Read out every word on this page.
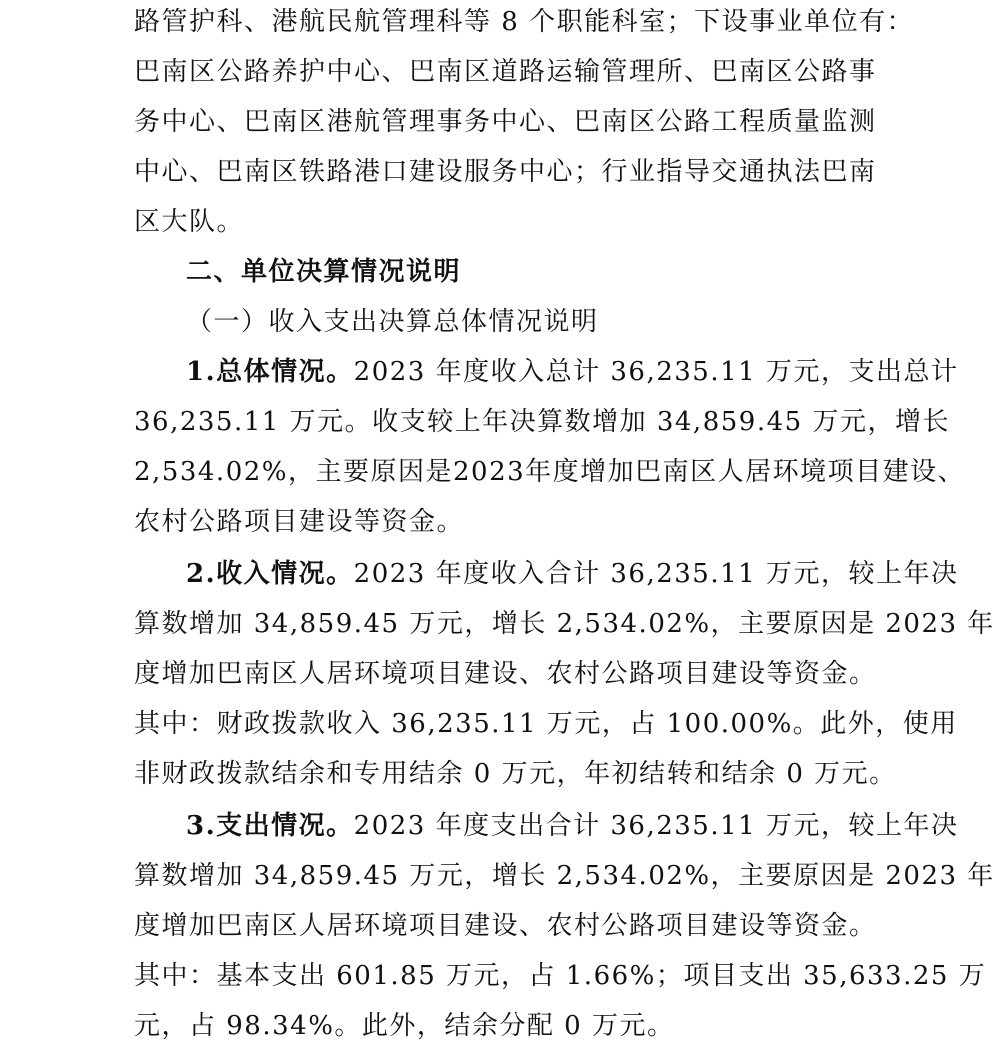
路管护科、港航民航管理科等 8 个职能科室；下设事业单位有：
巴南区公路养护中心、巴南区道路运输管理所、巴南区公路事
务中心、巴南区港航管理事务中心、巴南区公路工程质量监测
中心、巴南区铁路港口建设服务中心；行业指导交通执法巴南
区大队。
二、单位决算情况说明
（一）收入支出决算总体情况说明
1.总体情况。2023 年度收入总计 36,235.11 万元，支出总计
36,235.11 万元。收支较上年决算数增加 34,859.45 万元，增长
2,534.02%，主要原因是2023年度增加巴南区人居环境项目建设、
农村公路项目建设等资金。
2.收入情况。2023 年度收入合计 36,235.11 万元，较上年决
算数增加 34,859.45 万元，增长 2,534.02%，主要原因是 2023 年
度增加巴南区人居环境项目建设、农村公路项目建设等资金。
其中：财政拨款收入 36,235.11 万元，占 100.00%。此外，使用
非财政拨款结余和专用结余 0 万元，年初结转和结余 0 万元。
3.支出情况。2023 年度支出合计 36,235.11 万元，较上年决
算数增加 34,859.45 万元，增长 2,534.02%，主要原因是 2023 年
度增加巴南区人居环境项目建设、农村公路项目建设等资金。
其中：基本支出 601.85 万元，占 1.66%；项目支出 35,633.25 万
元，占 98.34%。此外，结余分配 0 万元。
